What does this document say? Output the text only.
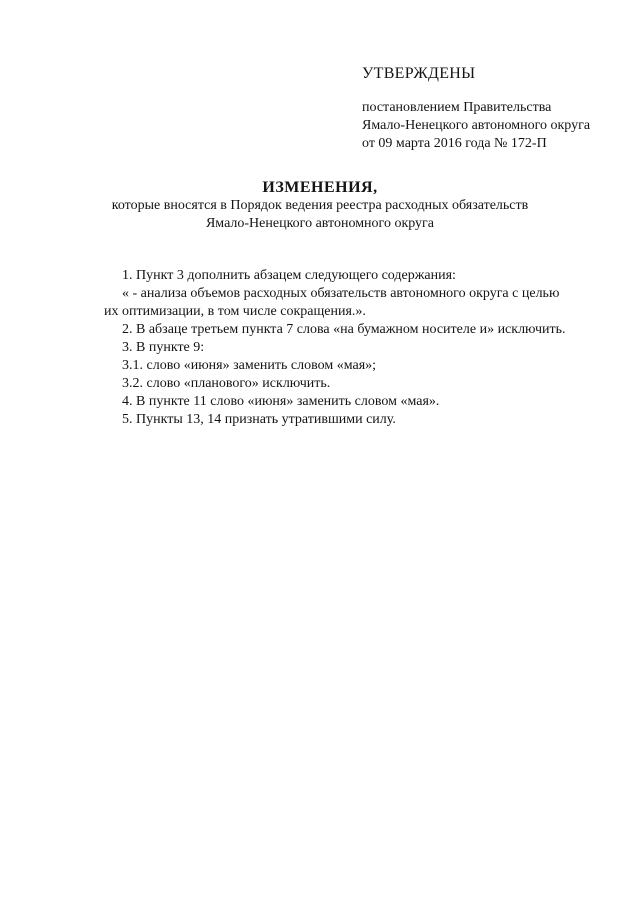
УТВЕРЖДЕНЫ
постановлением Правительства
Ямало-Ненецкого автономного округа
от 09 марта 2016 года № 172-П
ИЗМЕНЕНИЯ,
которые вносятся в Порядок ведения реестра расходных обязательств
Ямало-Ненецкого автономного округа
1. Пункт 3 дополнить абзацем следующего содержания:
« - анализа объемов расходных обязательств автономного округа с целью
их оптимизации, в том числе сокращения.».
2. В абзаце третьем пункта 7 слова «на бумажном носителе и» исключить.
3. В пункте 9:
3.1. слово «июня» заменить словом «мая»;
3.2. слово «планового» исключить.
4. В пункте 11 слово «июня» заменить словом «мая».
5. Пункты 13, 14 признать утратившими силу.
